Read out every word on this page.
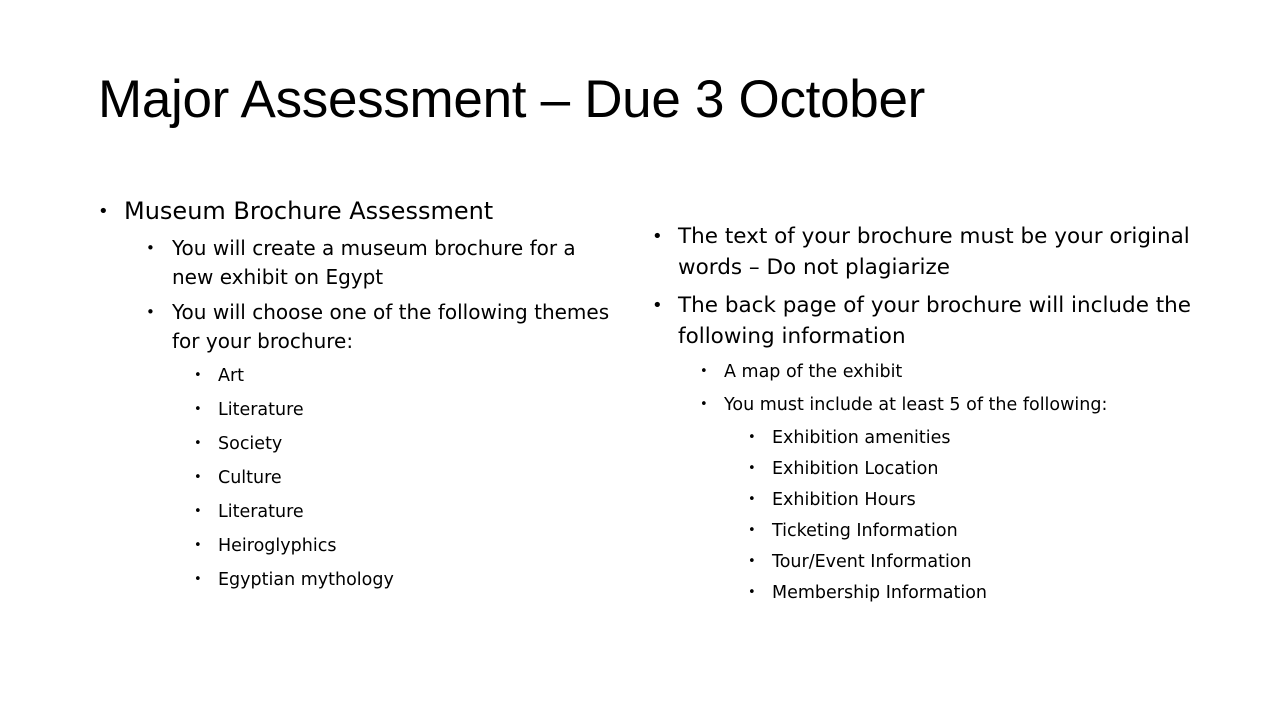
Major Assessment – Due 3 October
• Museum Brochure Assessment
• You will create a museum brochure for a new exhibit on Egypt
• You will choose one of the following themes for your brochure:
• Art
• Literature
• Society
• Culture
• Literature
• Heiroglyphics
• Egyptian mythology
• The text of your brochure must be your original words – Do not plagiarize
• The back page of your brochure will include the following information
• A map of the exhibit
• You must include at least 5 of the following:
• Exhibition amenities
• Exhibition Location
• Exhibition Hours
• Ticketing Information
• Tour/Event Information
• Membership Information
